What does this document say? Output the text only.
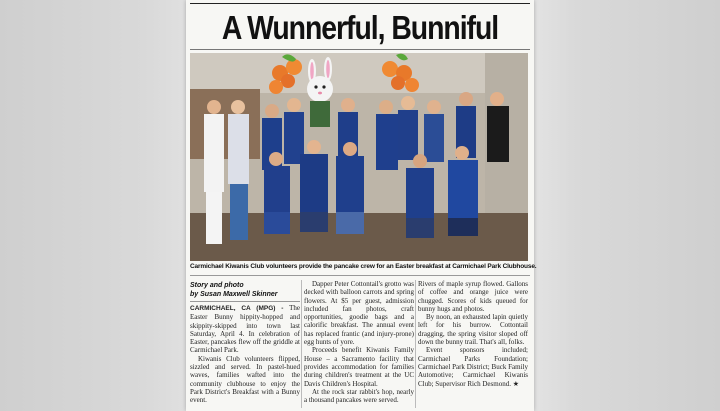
A Wunnerful, Bunniful
Carmichael Kiwanis Club volunteers provide the pancake crew for an Easter breakfast at Carmichael Park Clubhouse.
Story and photo
by Susan Maxwell Skinner

CARMICHAEL, CA (MPG) - The Easter Bunny hippity-hopped and skippity-skipped into town last Saturday, April 4. In celebration of Easter, pancakes flew off the griddle at Carmichael Park.

Kiwanis Club volunteers flipped, sizzled and served. In pastel-hued waves, families wafted into the community clubhouse to enjoy the Park District's Breakfast with a Bunny event.

Dapper Peter Cottontail's grotto was decked with balloon carrots and spring flowers. At $5 per guest, admission included fan photos, craft opportunities, goodie bags and a calorific breakfast. The annual event has replaced frantic (and injury-prone) egg hunts of yore.

Proceeds benefit Kiwanis Family House – a Sacramento facility that provides accommodation for families during children's treatment at the UC Davis Children's Hospital.

At the rock star rabbit's hop, nearly a thousand pancakes were served.

Rivers of maple syrup flowed. Gallons of coffee and orange juice were chugged. Scores of kids queued for bunny hugs and photos.

By noon, an exhausted lapin quietly left for his burrow. Cottontail dragging, the spring visitor sloped off down the bunny trail. That's all, folks.

Event sponsors included; Carmichael Parks Foundation; Carmichael Park District; Buck Family Automotive; Carmichael Kiwanis Club; Supervisor Rich Desmond. ★
